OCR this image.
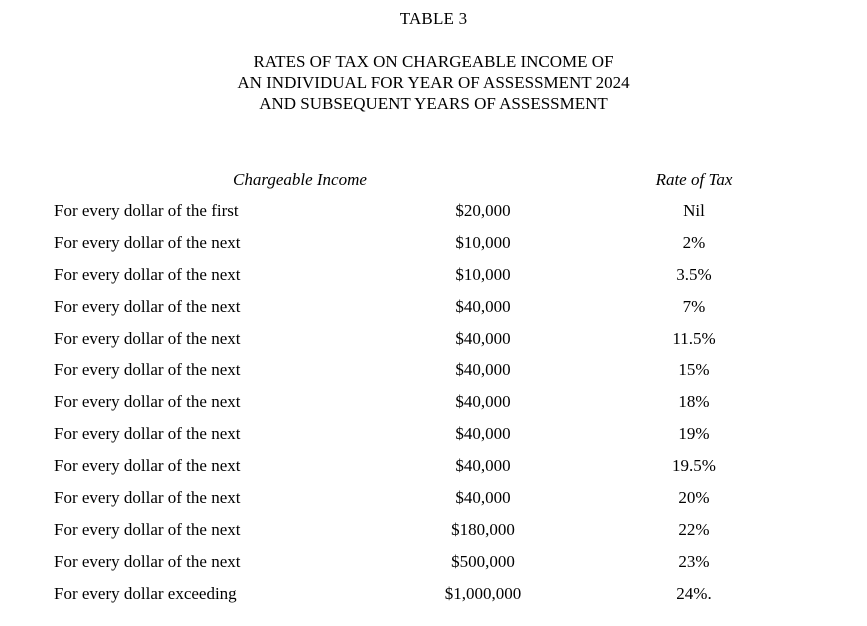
TABLE 3
RATES OF TAX ON CHARGEABLE INCOME OF
AN INDIVIDUAL FOR YEAR OF ASSESSMENT 2024
AND SUBSEQUENT YEARS OF ASSESSMENT
Chargeable Income	Rate of Tax
For every dollar of the first	$20,000	Nil
For every dollar of the next	$10,000	2%
For every dollar of the next	$10,000	3.5%
For every dollar of the next	$40,000	7%
For every dollar of the next	$40,000	11.5%
For every dollar of the next	$40,000	15%
For every dollar of the next	$40,000	18%
For every dollar of the next	$40,000	19%
For every dollar of the next	$40,000	19.5%
For every dollar of the next	$40,000	20%
For every dollar of the next	$180,000	22%
For every dollar of the next	$500,000	23%
For every dollar exceeding	$1,000,000	24%.
